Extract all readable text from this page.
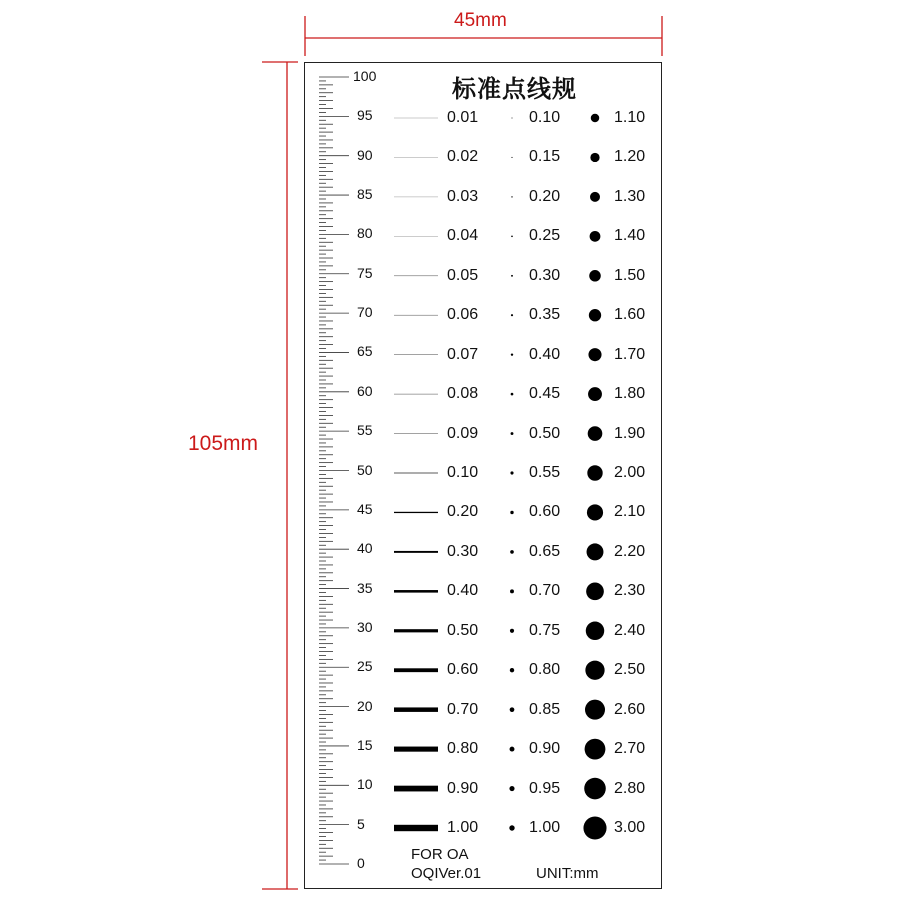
45mm
105mm
标准点线规
100
95
90
85
80
75
70
65
60
55
50
45
40
35
30
25
20
15
10
5
0
0.01
0.02
0.03
0.04
0.05
0.06
0.07
0.08
0.09
0.10
0.20
0.30
0.40
0.50
0.60
0.70
0.80
0.90
1.00
0.10
0.15
0.20
0.25
0.30
0.35
0.40
0.45
0.50
0.55
0.60
0.65
0.70
0.75
0.80
0.85
0.90
0.95
1.00
1.10
1.20
1.30
1.40
1.50
1.60
1.70
1.80
1.90
2.00
2.10
2.20
2.30
2.40
2.50
2.60
2.70
2.80
3.00
FOR OA
OQIVer.01	UNIT:mm
